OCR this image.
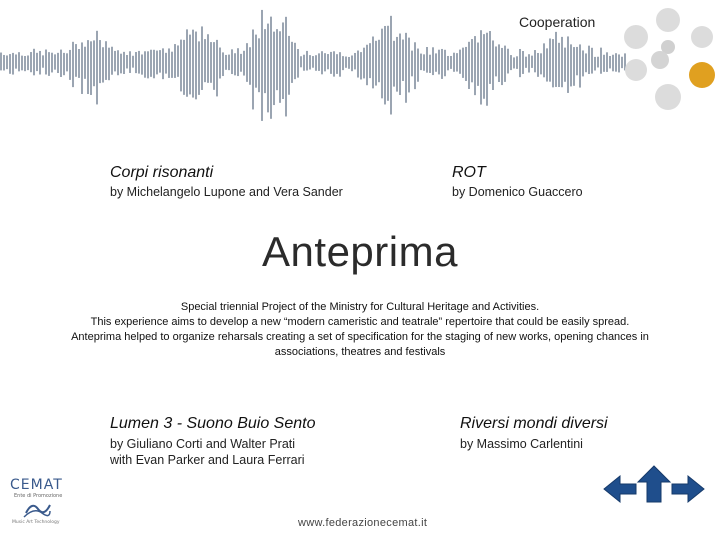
Cooperation
Corpi risonanti
by Michelangelo Lupone and Vera Sander
ROT
by Domenico Guaccero
Anteprima
Special triennial Project of the Ministry for Cultural Heritage and Activities.
This experience aims to develop a new “modern cameristic and teatrale” repertoire that could be easily spread.
Anteprima helped to organize reharsals creating a set of specification for the staging of new works, opening chances in
associations, theatres and festivals
Lumen 3 - Suono Buio Sento
by Giuliano Corti and Walter Prati
with Evan Parker and Laura Ferrari
Riversi mondi diversi
by Massimo Carlentini
CEMAT
Ente di Promozione
Music Art Technology	www.federazionecemat.it
